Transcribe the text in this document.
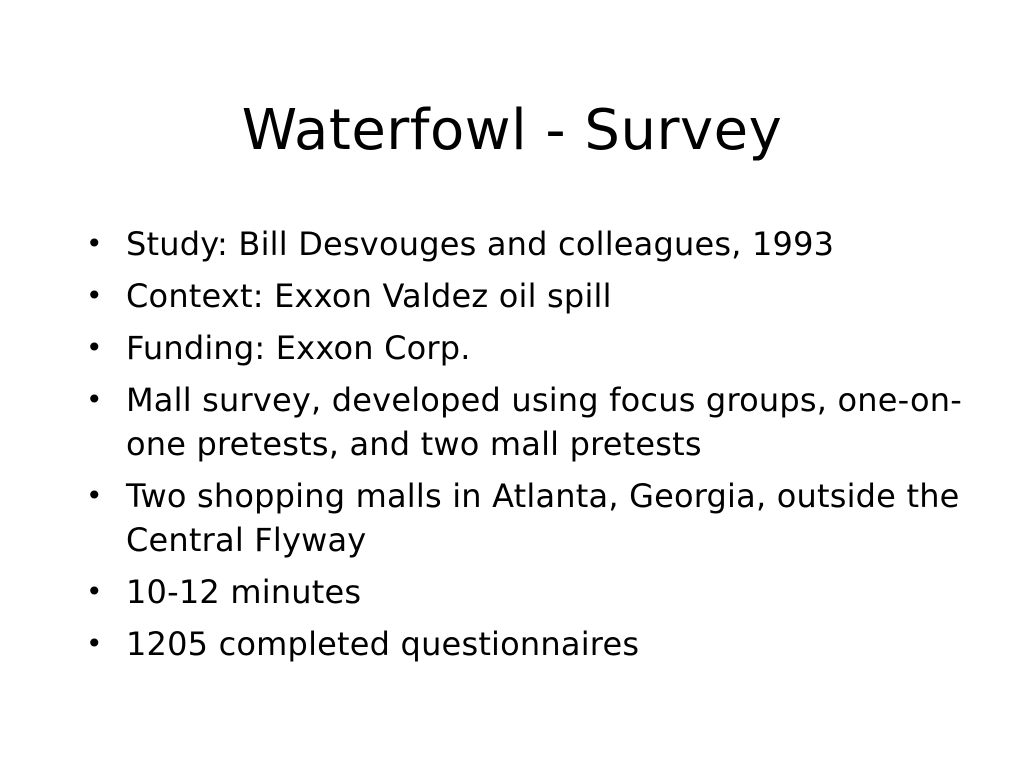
Waterfowl - Survey
• Study: Bill Desvouges and colleagues, 1993
• Context: Exxon Valdez oil spill
• Funding: Exxon Corp.
• Mall survey, developed using focus groups, one-on-one pretests, and two mall pretests
• Two shopping malls in Atlanta, Georgia, outside the Central Flyway
• 10-12 minutes
• 1205 completed questionnaires
